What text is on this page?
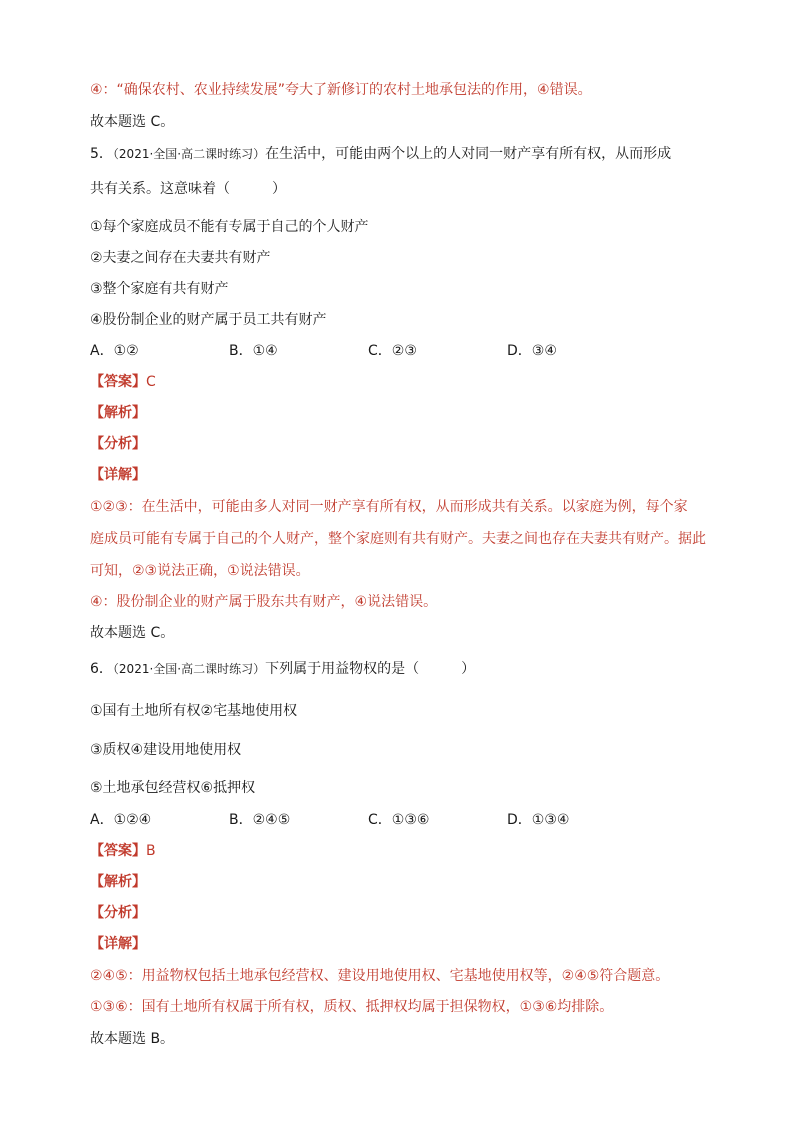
④：“确保农村、农业持续发展”夸大了新修订的农村土地承包法的作用，④错误。
故本题选 C。
5．（2021·全国·高二课时练习）在生活中，可能由两个以上的人对同一财产享有所有权，从而形成
共有关系。这意味着（　　　）
①每个家庭成员不能有专属于自己的个人财产
②夫妻之间存在夫妻共有财产
③整个家庭有共有财产
④股份制企业的财产属于员工共有财产
A．①②	B．①④	C．②③	D．③④
【答案】C
【解析】
【分析】
【详解】
①②③：在生活中，可能由多人对同一财产享有所有权，从而形成共有关系。以家庭为例，每个家
庭成员可能有专属于自己的个人财产，整个家庭则有共有财产。夫妻之间也存在夫妻共有财产。据此
可知，②③说法正确，①说法错误。
④：股份制企业的财产属于股东共有财产，④说法错误。
故本题选 C。
6．（2021·全国·高二课时练习）下列属于用益物权的是（　　　）
①国有土地所有权②宅基地使用权
③质权④建设用地使用权
⑤土地承包经营权⑥抵押权
A．①②④	B．②④⑤	C．①③⑥	D．①③④
【答案】B
【解析】
【分析】
【详解】
②④⑤：用益物权包括土地承包经营权、建设用地使用权、宅基地使用权等，②④⑤符合题意。
①③⑥：国有土地所有权属于所有权，质权、抵押权均属于担保物权，①③⑥均排除。
故本题选 B。
